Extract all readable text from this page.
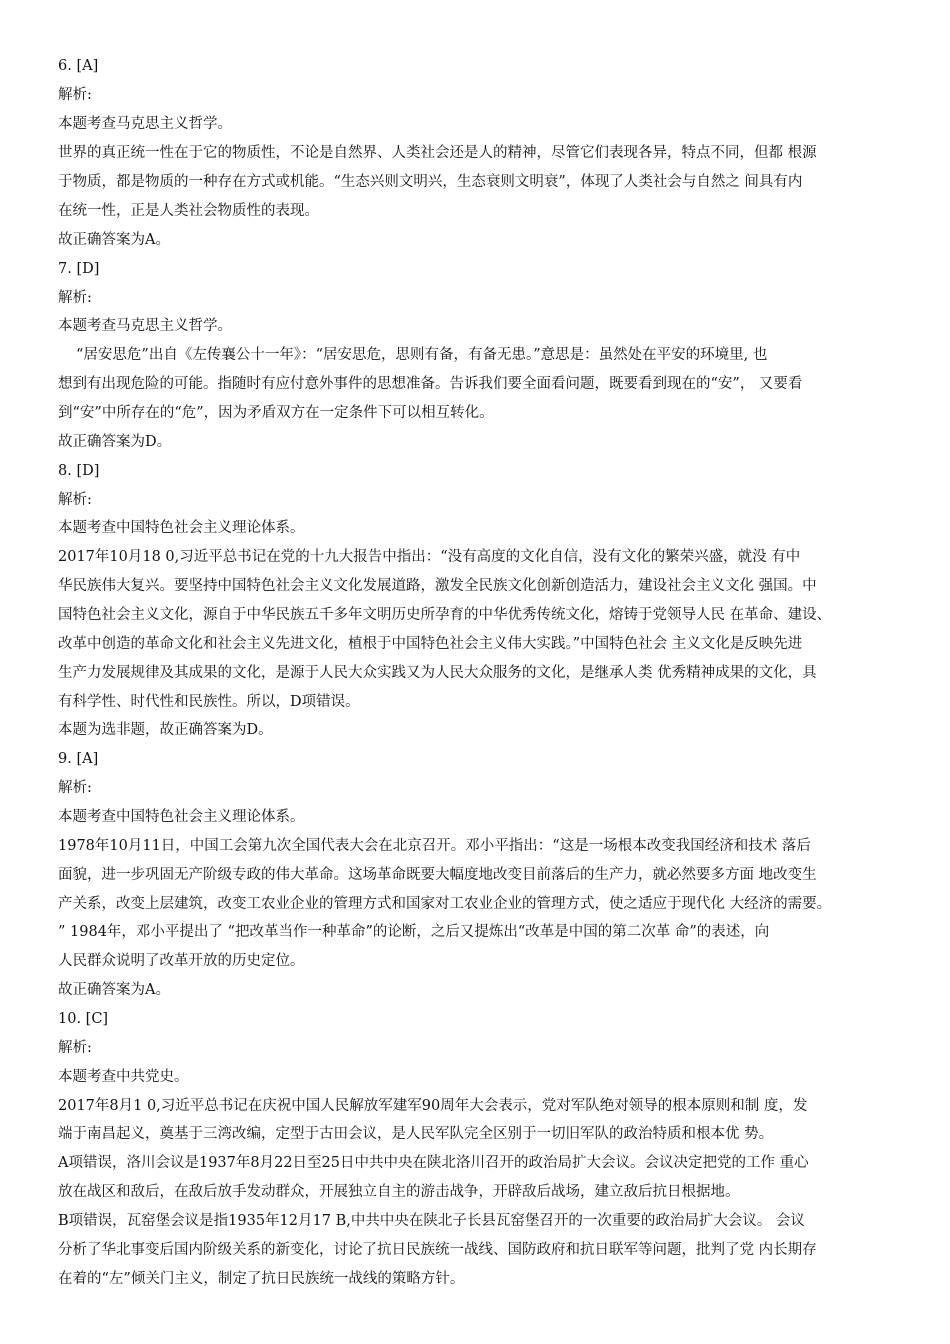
6. [A]
解析:
本题考查马克思主义哲学。
世界的真正统一性在于它的物质性，不论是自然界、人类社会还是人的精神，尽管它们表现各异，特点不同，但都 根源
于物质，都是物质的一种存在方式或机能。“生态兴则文明兴，生态衰则文明衰”，体现了人类社会与自然之 间具有内
在统一性，正是人类社会物质性的表现。
故正确答案为A。
7. [D]
解析:
本题考查马克思主义哲学。
“居安思危”出自《左传襄公十一年》：“居安思危，思则有备，有备无患。”意思是：虽然处在平安的环境里, 也
想到有出现危险的可能。指随时有应付意外事件的思想准备。告诉我们要全面看问题，既要看到现在的“安”， 又要看
到“安”中所存在的“危”，因为矛盾双方在一定条件下可以相互转化。
故正确答案为D。
8. [D]
解析:
本题考查中国特色社会主义理论体系。
2017年10月18 0,习近平总书记在党的十九大报告中指出：“没有高度的文化自信，没有文化的繁荣兴盛，就没 有中
华民族伟大复兴。要坚持中国特色社会主义文化发展道路，激发全民族文化创新创造活力，建设社会主义文化 强国。中
国特色社会主义文化，源自于中华民族五千多年文明历史所孕育的中华优秀传统文化，熔铸于党领导人民 在革命、建设、
改革中创造的革命文化和社会主义先进文化，植根于中国特色社会主义伟大实践。”中国特色社会 主义文化是反映先进
生产力发展规律及其成果的文化，是源于人民大众实践又为人民大众服务的文化，是继承人类 优秀精神成果的文化，具
有科学性、时代性和民族性。所以，D项错误。
本题为选非题，故正确答案为D。
9. [A]
解析:
本题考查中国特色社会主义理论体系。
1978年10月11日，中国工会第九次全国代表大会在北京召开。邓小平指出：“这是一场根本改变我国经济和技术 落后
面貌，进一步巩固无产阶级专政的伟大革命。这场革命既要大幅度地改变目前落后的生产力，就必然要多方面 地改变生
产关系，改变上层建筑，改变工农业企业的管理方式和国家对工农业企业的管理方式，使之适应于现代化 大经济的需要。
” 1984年，邓小平提出了 “把改革当作一种革命”的论断，之后又提炼出“改革是中国的第二次革 命”的表述，向
人民群众说明了改革开放的历史定位。
故正确答案为A。
10. [C]
解析:
本题考查中共党史。
2017年8月1 0,习近平总书记在庆祝中国人民解放军建军90周年大会表示，党对军队绝对领导的根本原则和制 度，发
端于南昌起义，奠基于三湾改编，定型于古田会议，是人民军队完全区别于一切旧军队的政治特质和根本优 势。
A项错误，洛川会议是1937年8月22日至25日中共中央在陕北洛川召开的政治局扩大会议。会议决定把党的工作 重心
放在战区和敌后，在敌后放手发动群众，开展独立自主的游击战争，开辟敌后战场，建立敌后抗日根据地。
B项错误，瓦窑堡会议是指1935年12月17 B,中共中央在陕北子长县瓦窑堡召开的一次重要的政治局扩大会议。 会议
分析了华北事变后国内阶级关系的新变化，讨论了抗日民族统一战线、国防政府和抗日联军等问题，批判了党 内长期存
在着的“左”倾关门主义，制定了抗日民族统一战线的策略方针。
